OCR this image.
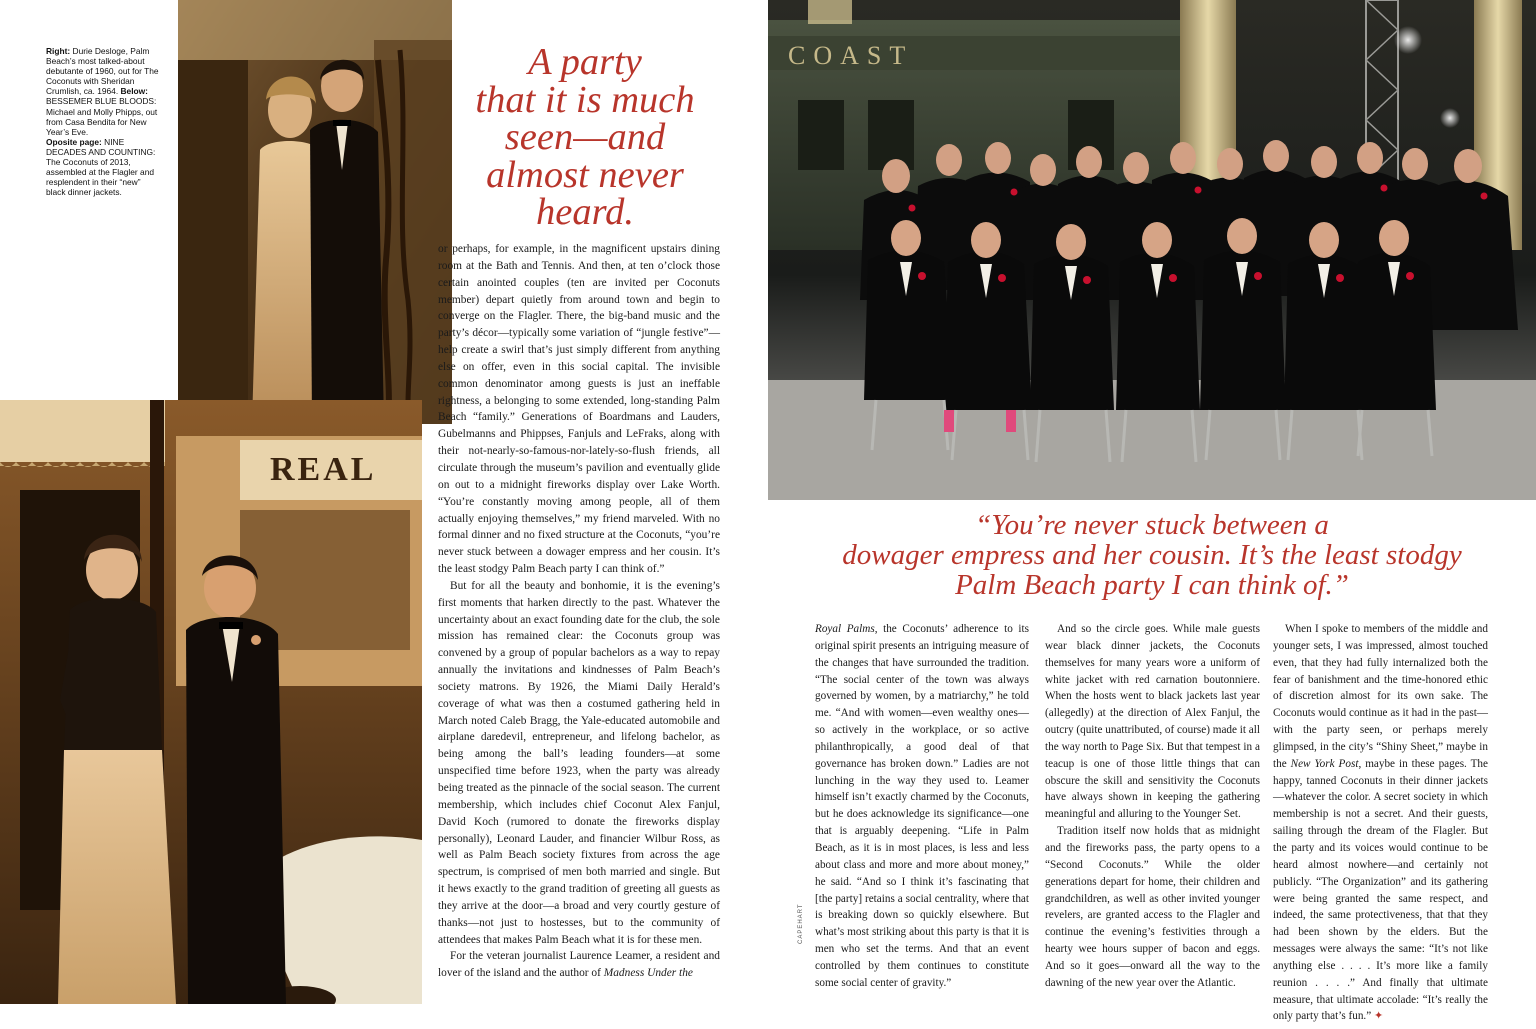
REAL
Right: Durie Desloge, Palm Beach’s most talked-about debutante of 1960, out for The Coconuts with Sheridan Crumlish, ca. 1964. Below: BESSEMER BLUE BLOODS: Michael and Molly Phipps, out from Casa Bendita for New Year’s Eve.
Oposite page: NINE DECADES AND COUNTING: The Coconuts of 2013, assembled at the Flagler and resplendent in their “new” black dinner jackets.
A party
that it is much
seen—and
almost never
heard.

or perhaps, for example, in the magnificent upstairs dining room at the Bath and Tennis. And then, at ten o’clock those certain anointed couples (ten are invited per Coconuts member) depart quietly from around town and begin to converge on the Flagler. There, the big-band music and the party’s décor—typically some variation of “jungle festive”—help create a swirl that’s just simply different from anything else on offer, even in this social capital. The invisible common denominator among guests is just an ineffable rightness, a belonging to some extended, long-standing Palm Beach “family.” Generations of Boardmans and Lauders, Gubelmanns and Phippses, Fanjuls and LeFraks, along with their not-nearly-so-famous-nor-lately-so-flush friends, all circulate through the museum’s pavilion and eventually glide on out to a midnight fireworks display over Lake Worth. “You’re constantly moving among people, all of them actually enjoying themselves,” my friend marveled. With no formal dinner and no fixed structure at the Coconuts, “you’re never stuck between a dowager empress and her cousin. It’s the least stodgy Palm Beach party I can think of.”

But for all the beauty and bonhomie, it is the evening’s first moments that harken directly to the past. Whatever the uncertainty about an exact founding date for the club, the sole mission has remained clear: the Coconuts group was convened by a group of popular bachelors as a way to repay annually the invitations and kindnesses of Palm Beach’s society matrons. By 1926, the Miami Daily Herald’s coverage of what was then a costumed gathering held in March noted Caleb Bragg, the Yale-educated automobile and airplane daredevil, entrepreneur, and lifelong bachelor, as being among the ball’s leading founders—at some unspecified time before 1923, when the party was already being treated as the pinnacle of the social season. The current membership, which includes chief Coconut Alex Fanjul, David Koch (rumored to donate the fireworks display personally), Leonard Lauder, and financier Wilbur Ross, as well as Palm Beach society fixtures from across the age spectrum, is comprised of men both married and single. But it hews exactly to the grand tradition of greeting all guests as they arrive at the door—a broad and very courtly gesture of thanks—not just to hostesses, but to the community of attendees that makes Palm Beach what it is for these men.

For the veteran journalist Laurence Leamer, a resident and lover of the island and the author of Madness Under the

COAST
“You’re never stuck between a
dowager empress and her cousin. It’s the least stodgy
Palm Beach party I can think of.”

Royal Palms, the Coconuts’ adherence to its original spirit presents an intriguing measure of the changes that have surrounded the tradition. “The social center of the town was always governed by women, by a matriarchy,” he told me. “And with women—even wealthy ones—so actively in the workplace, or so active philanthropically, a good deal of that governance has broken down.” Ladies are not lunching in the way they used to. Leamer himself isn’t exactly charmed by the Coconuts, but he does acknowledge its significance—one that is arguably deepening. “Life in Palm Beach, as it is in most places, is less and less about class and more and more about money,” he said. “And so I think it’s fascinating that [the party] retains a social centrality, where that is breaking down so quickly elsewhere. But what’s most striking about this party is that it is men who set the terms. And that an event controlled by them continues to constitute some social center of gravity.”

CAPEHART

And so the circle goes. While male guests wear black dinner jackets, the Coconuts themselves for many years wore a uniform of white jacket with red carnation boutonniere. When the hosts went to black jackets last year (allegedly) at the direction of Alex Fanjul, the outcry (quite unattributed, of course) made it all the way north to Page Six. But that tempest in a teacup is one of those little things that can obscure the skill and sensitivity the Coconuts have always shown in keeping the gathering meaningful and alluring to the Younger Set.

Tradition itself now holds that as midnight and the fireworks pass, the party opens to a “Second Coconuts.” While the older generations depart for home, their children and grandchildren, as well as other invited younger revelers, are granted access to the Flagler and continue the evening’s festivities through a hearty wee hours supper of bacon and eggs. And so it goes—onward all the way to the dawning of the new year over the Atlantic.

When I spoke to members of the middle and younger sets, I was impressed, almost touched even, that they had fully internalized both the fear of banishment and the time-honored ethic of discretion almost for its own sake. The Coconuts would continue as it had in the past—with the party seen, or perhaps merely glimpsed, in the city’s “Shiny Sheet,” maybe in the New York Post, maybe in these pages. The happy, tanned Coconuts in their dinner jackets—whatever the color. A secret society in which membership is not a secret. And their guests, sailing through the dream of the Flagler. But the party and its voices would continue to be heard almost nowhere—and certainly not publicly. “The Organization” and its gathering were being granted the same respect, and indeed, the same protectiveness, that that they had been shown by the elders. But the messages were always the same: “It’s not like anything else . . . . It’s more like a family reunion . . . .” And finally that ultimate measure, that ultimate accolade: “It’s really the only party that’s fun.” ✦
